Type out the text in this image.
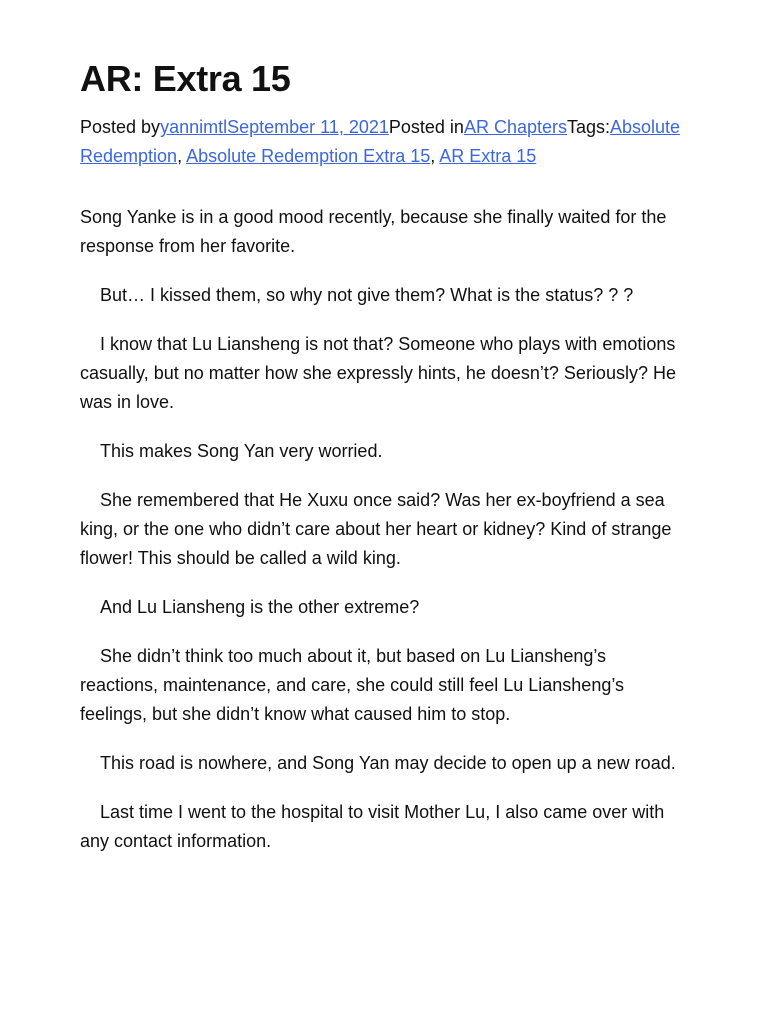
AR: Extra 15
Posted byyannimtlSeptember 11, 2021Posted inAR ChaptersTags:Absolute Redemption, Absolute Redemption Extra 15, AR Extra 15

Song Yanke is in a good mood recently, because she finally waited for the response from her favorite.

But… I kissed them, so why not give them? What is the status? ? ?

I know that Lu Liansheng is not that? Someone who plays with emotions casually, but no matter how she expressly hints, he doesn’t? Seriously? He was in love.

This makes Song Yan very worried.

She remembered that He Xuxu once said? Was her ex-boyfriend a sea king, or the one who didn’t care about her heart or kidney? Kind of strange flower! This should be called a wild king.

And Lu Liansheng is the other extreme?

She didn’t think too much about it, but based on Lu Liansheng’s reactions, maintenance, and care, she could still feel Lu Liansheng’s feelings, but she didn’t know what caused him to stop.

This road is nowhere, and Song Yan may decide to open up a new road.

Last time I went to the hospital to visit Mother Lu, I also came over with any contact information.
